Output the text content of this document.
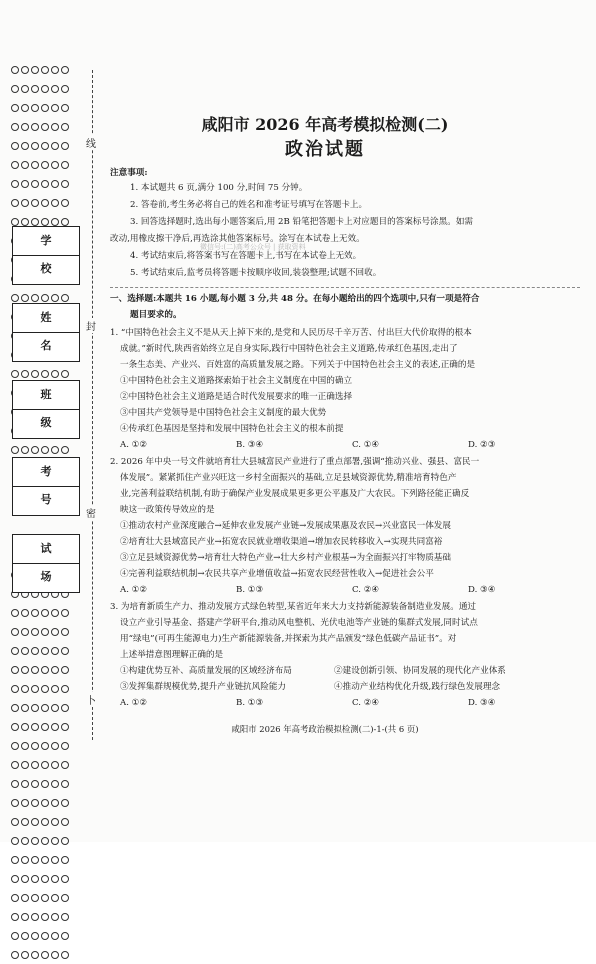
学　校
姓　名
班　级
考　号
试　场
线
封
密
卜
咸阳市 2026 年高考模拟检测(二)
政治试题
注意事项:
1. 本试题共 6 页,满分 100 分,时间 75 分钟。
2. 答卷前,考生务必将自己的姓名和准考证号填写在答题卡上。
3. 回答选择题时,选出每小题答案后,用 2B 铅笔把答题卡上对应题目的答案标号涂黑。如需
改动,用橡皮擦干净后,再选涂其他答案标号。涂写在本试卷上无效。
微信号:(二)高考公众号 | 获取资料
4. 考试结束后,将答案书写在答题卡上,书写在本试卷上无效。
5. 考试结束后,监考员将答题卡按顺序收回,装袋整理;试题不回收。
一、选择题:本题共 16 小题,每小题 3 分,共 48 分。在每小题给出的四个选项中,只有一项是符合
题目要求的。
1. “中国特色社会主义不是从天上掉下来的,是党和人民历尽千辛万苦、付出巨大代价取得的根本
成就。”新时代,陕西省始终立足自身实际,践行中国特色社会主义道路,传承红色基因,走出了
一条生态美、产业兴、百姓富的高质量发展之路。下列关于中国特色社会主义的表述,正确的是
①中国特色社会主义道路探索始于社会主义制度在中国的确立
②中国特色社会主义道路是适合时代发展要求的唯一正确选择
③中国共产党领导是中国特色社会主义制度的最大优势
④传承红色基因是坚持和发展中国特色社会主义的根本前提
A. ①②	B. ③④	C. ①④	D. ②③
2. 2026 年中央一号文件就培育壮大县城富民产业进行了重点部署,强调“推动兴业、强县、富民一
体发展”。紧紧抓住产业兴旺这一乡村全面振兴的基础,立足县域资源优势,精准培育特色产
业,完善利益联结机制,有助于确保产业发展成果更多更公平惠及广大农民。下列路径能正确反
映这一政策传导效应的是
①推动农村产业深度融合→延伸农业发展产业链→发展成果惠及农民→兴业富民一体发展
②培育壮大县域富民产业→拓宽农民就业增收渠道→增加农民转移收入→实现共同富裕
③立足县域资源优势→培育壮大特色产业→壮大乡村产业根基→为全面振兴打牢物质基础
④完善利益联结机制→农民共享产业增值收益→拓宽农民经营性收入→促进社会公平
A. ①②	B. ①③	C. ②④	D. ③④
3. 为培育新质生产力、推动发展方式绿色转型,某省近年来大力支持新能源装备制造业发展。通过
设立产业引导基金、搭建产学研平台,推动风电整机、光伏电池等产业链的集群式发展,同时试点
用“绿电”(可再生能源电力)生产新能源装备,并探索为其产品颁发“绿色低碳产品证书”。对
上述举措意图理解正确的是
①构建优势互补、高质量发展的区域经济布局	②建设创新引领、协同发展的现代化产业体系
③发挥集群规模优势,提升产业链抗风险能力	④推动产业结构优化升级,践行绿色发展理念
A. ①②	B. ①③	C. ②④	D. ③④
咸阳市 2026 年高考政治模拟检测(二)-1-(共 6 页)
